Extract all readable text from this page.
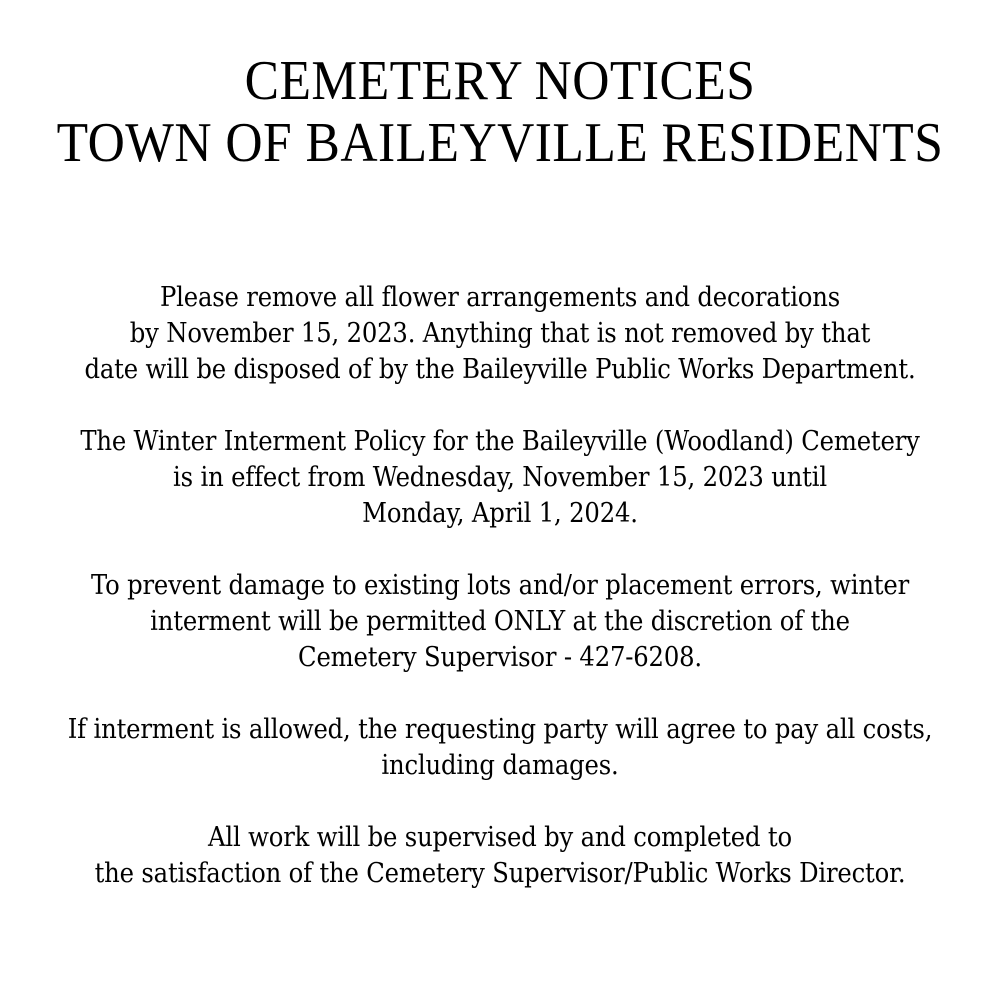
CEMETERY NOTICES
TOWN OF BAILEYVILLE RESIDENTS

Please remove all flower arrangements and decorations
by November 15, 2023. Anything that is not removed by that
date will be disposed of by the Baileyville Public Works Department.

The Winter Interment Policy for the Baileyville (Woodland) Cemetery
is in effect from Wednesday, November 15, 2023 until
Monday, April 1, 2024.

To prevent damage to existing lots and/or placement errors, winter
interment will be permitted ONLY at the discretion of the
Cemetery Supervisor - 427-6208.

If interment is allowed, the requesting party will agree to pay all costs,
including damages.

All work will be supervised by and completed to
the satisfaction of the Cemetery Supervisor/Public Works Director.
